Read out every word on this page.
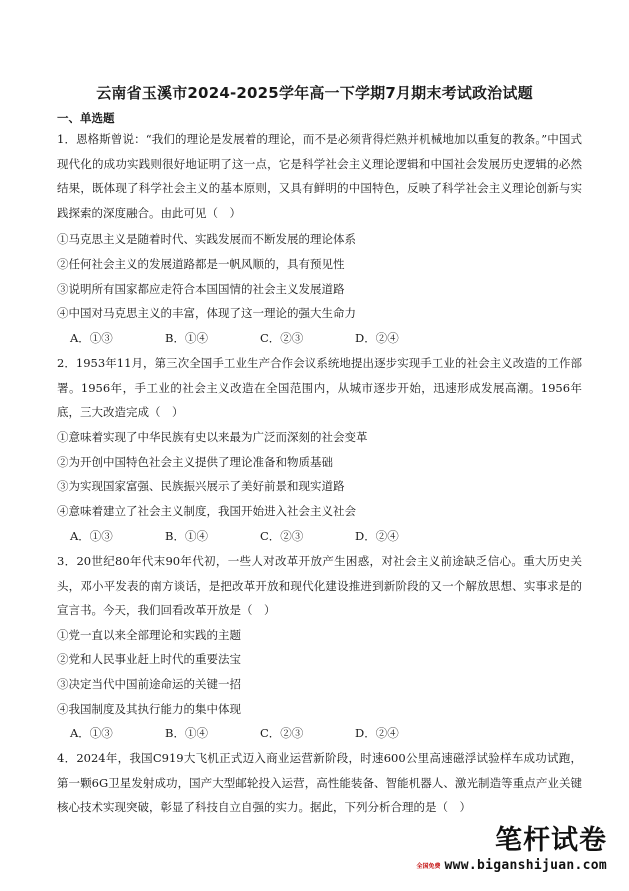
云南省玉溪市2024-2025学年高一下学期7月期末考试政治试题
一、单选题
1．恩格斯曾说：“我们的理论是发展着的理论，而不是必须背得烂熟并机械地加以重复的教条。”中国式现代化的成功实践则很好地证明了这一点，它是科学社会主义理论逻辑和中国社会发展历史逻辑的必然结果，既体现了科学社会主义的基本原则，又具有鲜明的中国特色，反映了科学社会主义理论创新与实践探索的深度融合。由此可见（　）
①马克思主义是随着时代、实践发展而不断发展的理论体系
②任何社会主义的发展道路都是一帆风顺的，具有预见性
③说明所有国家都应走符合本国国情的社会主义发展道路
④中国对马克思主义的丰富，体现了这一理论的强大生命力
A．①③	B．①④	C．②③	D．②④
2．1953年11月，第三次全国手工业生产合作会议系统地提出逐步实现手工业的社会主义改造的工作部署。1956年，手工业的社会主义改造在全国范围内，从城市逐步开始，迅速形成发展高潮。1956年底，三大改造完成（　）
①意味着实现了中华民族有史以来最为广泛而深刻的社会变革
②为开创中国特色社会主义提供了理论准备和物质基础
③为实现国家富强、民族振兴展示了美好前景和现实道路
④意味着建立了社会主义制度，我国开始进入社会主义社会
A．①③	B．①④	C．②③	D．②④
3．20世纪80年代末90年代初，一些人对改革开放产生困惑，对社会主义前途缺乏信心。重大历史关头，邓小平发表的南方谈话，是把改革开放和现代化建设推进到新阶段的又一个解放思想、实事求是的宣言书。今天，我们回看改革开放是（　）
①党一直以来全部理论和实践的主题
②党和人民事业赶上时代的重要法宝
③决定当代中国前途命运的关键一招
④我国制度及其执行能力的集中体现
A．①③	B．①④	C．②③	D．②④
4．2024年，我国C919大飞机正式迈入商业运营新阶段，时速600公里高速磁浮试验样车成功试跑，第一颗6G卫星发射成功，国产大型邮轮投入运营，高性能装备、智能机器人、激光制造等重点产业关键核心技术实现突破，彰显了科技自立自强的实力。据此，下列分析合理的是（　）
笔杆试卷
全国免费 www.biganshijuan.com
